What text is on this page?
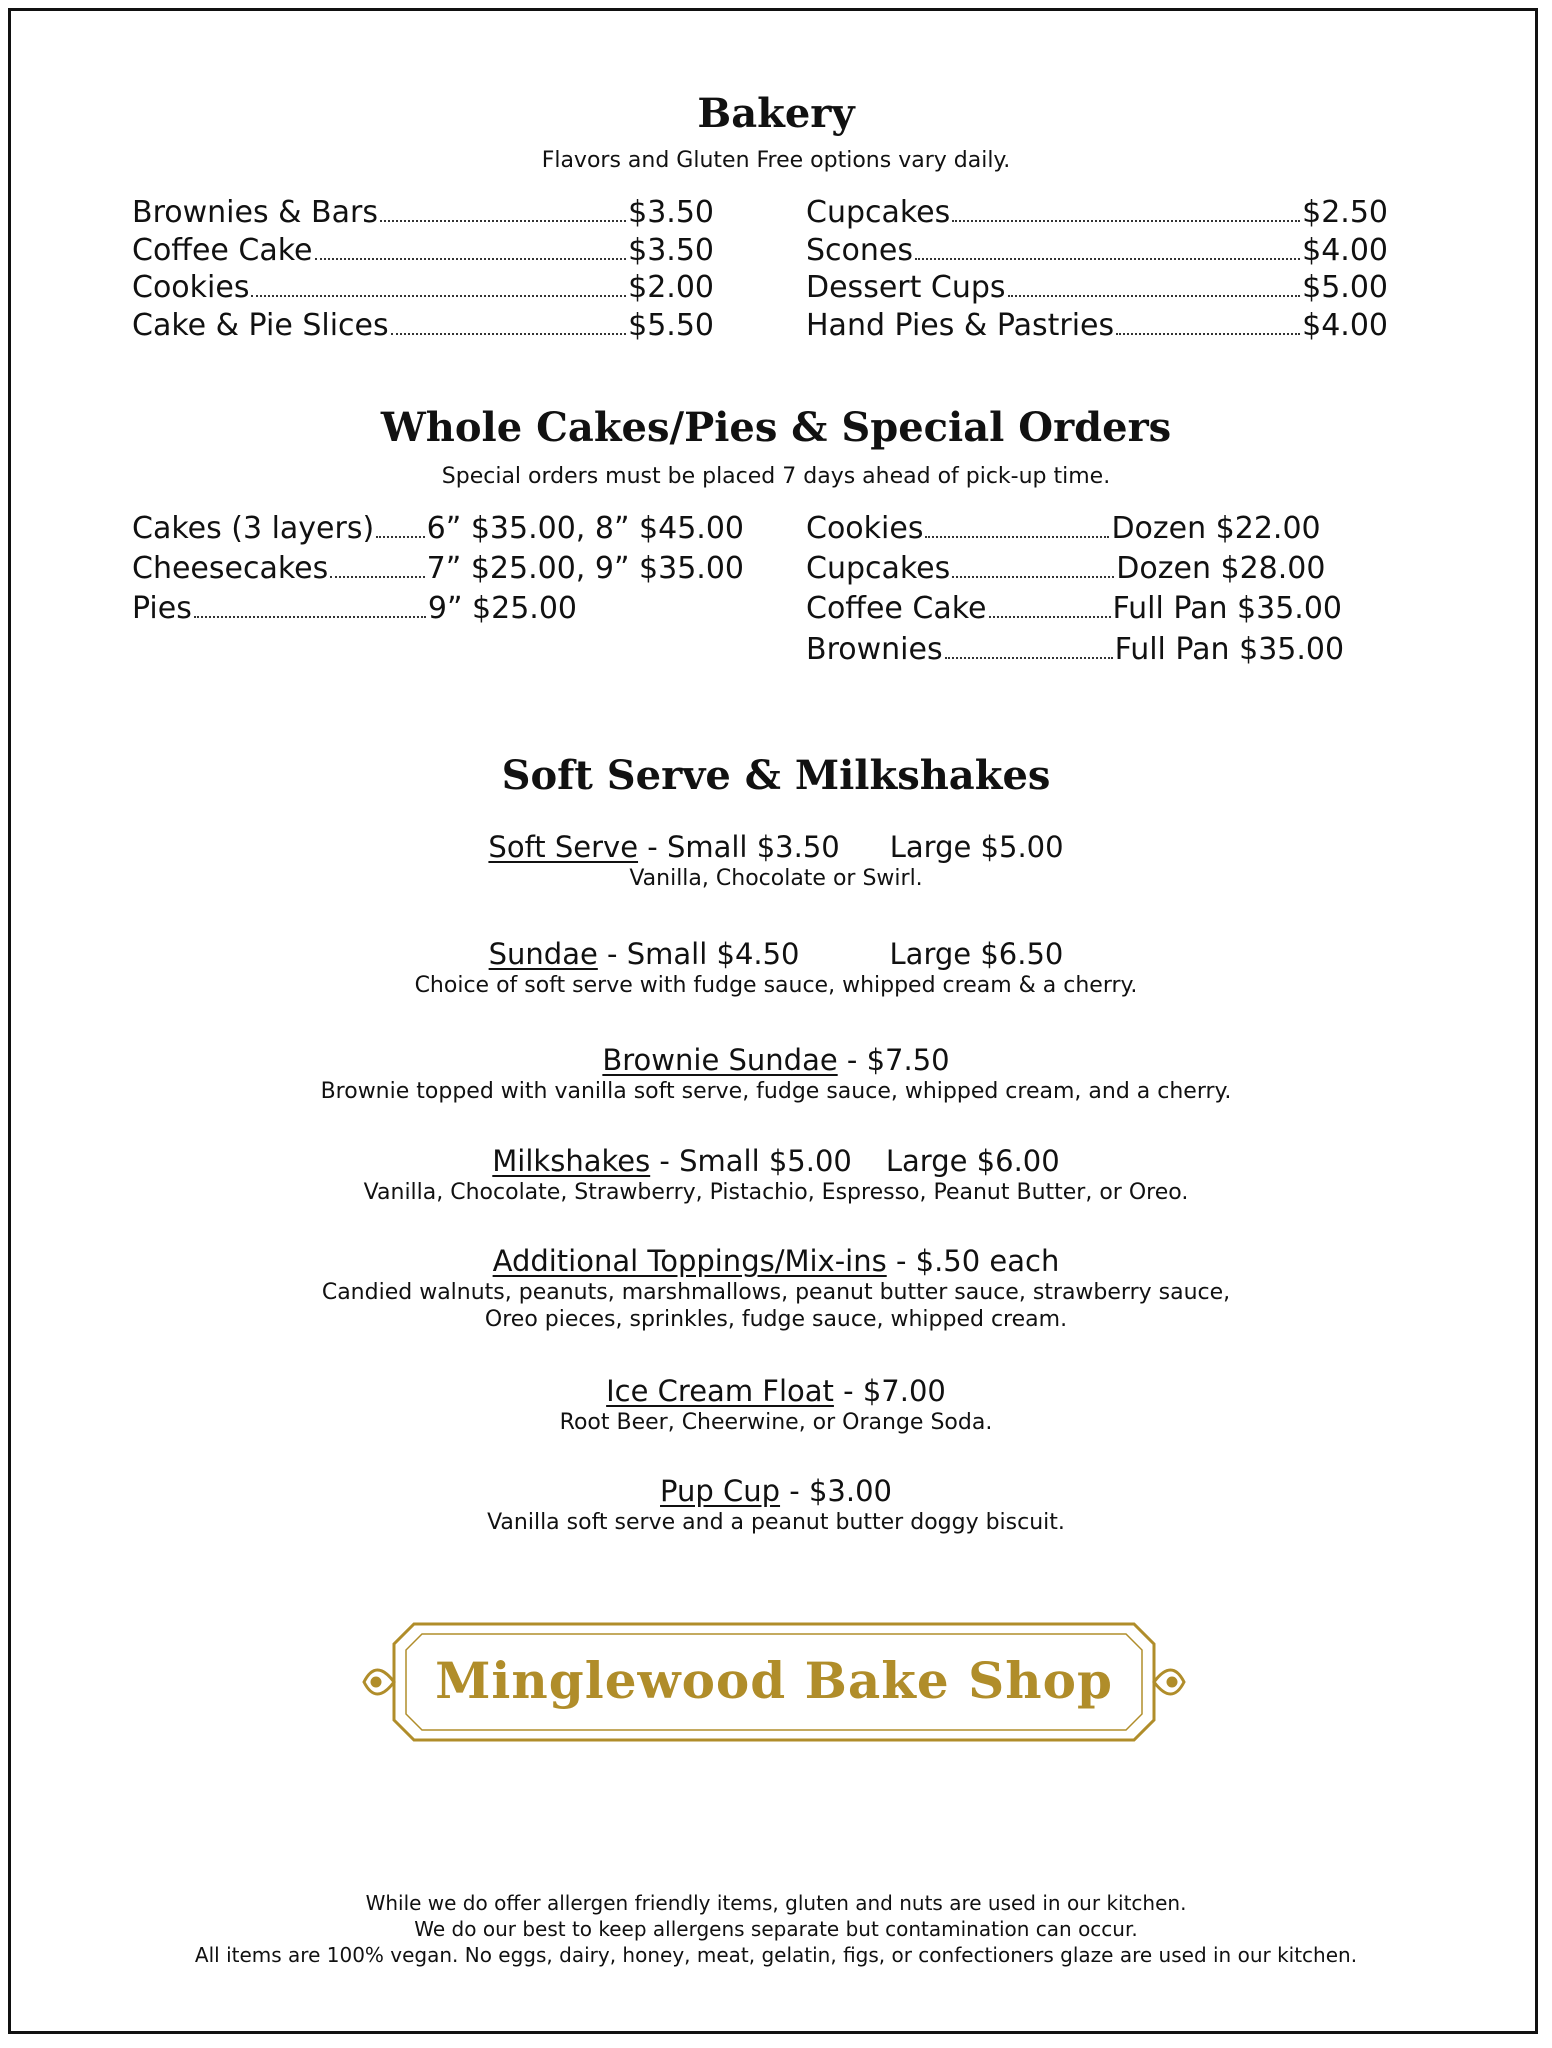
Bakery
Flavors and Gluten Free options vary daily.
Brownies & Bars	$3.50
Coffee Cake	$3.50
Cookies	$2.00
Cake & Pie Slices	$5.50
Cupcakes	$2.50
Scones	$4.00
Dessert Cups	$5.00
Hand Pies & Pastries	$4.00
Whole Cakes/Pies & Special Orders
Special orders must be placed 7 days ahead of pick-up time.
Cakes (3 layers) 6” $35.00, 8” $45.00
Cheesecakes	7” $25.00, 9” $35.00
Pies	9” $25.00
Cookies	Dozen $22.00
Cupcakes	Dozen $28.00
Coffee Cake	Full Pan $35.00
Brownies	Full Pan $35.00
Soft Serve & Milkshakes
Soft Serve - Small $3.50 Large $5.00
Vanilla, Chocolate or Swirl.
Sundae - Small $4.50	Large $6.50
Choice of soft serve with fudge sauce, whipped cream & a cherry.
Brownie Sundae - $7.50
Brownie topped with vanilla soft serve, fudge sauce, whipped cream, and a cherry.
Milkshakes - Small $5.00 Large $6.00
Vanilla, Chocolate, Strawberry, Pistachio, Espresso, Peanut Butter, or Oreo.
Additional Toppings/Mix-ins - $.50 each
Candied walnuts, peanuts, marshmallows, peanut butter sauce, strawberry sauce,
Oreo pieces, sprinkles, fudge sauce, whipped cream.
Ice Cream Float - $7.00
Root Beer, Cheerwine, or Orange Soda.
Pup Cup - $3.00
Vanilla soft serve and a peanut butter doggy biscuit.
Minglewood Bake Shop
While we do offer allergen friendly items, gluten and nuts are used in our kitchen.
We do our best to keep allergens separate but contamination can occur.
All items are 100% vegan. No eggs, dairy, honey, meat, gelatin, figs, or confectioners glaze are used in our kitchen.
